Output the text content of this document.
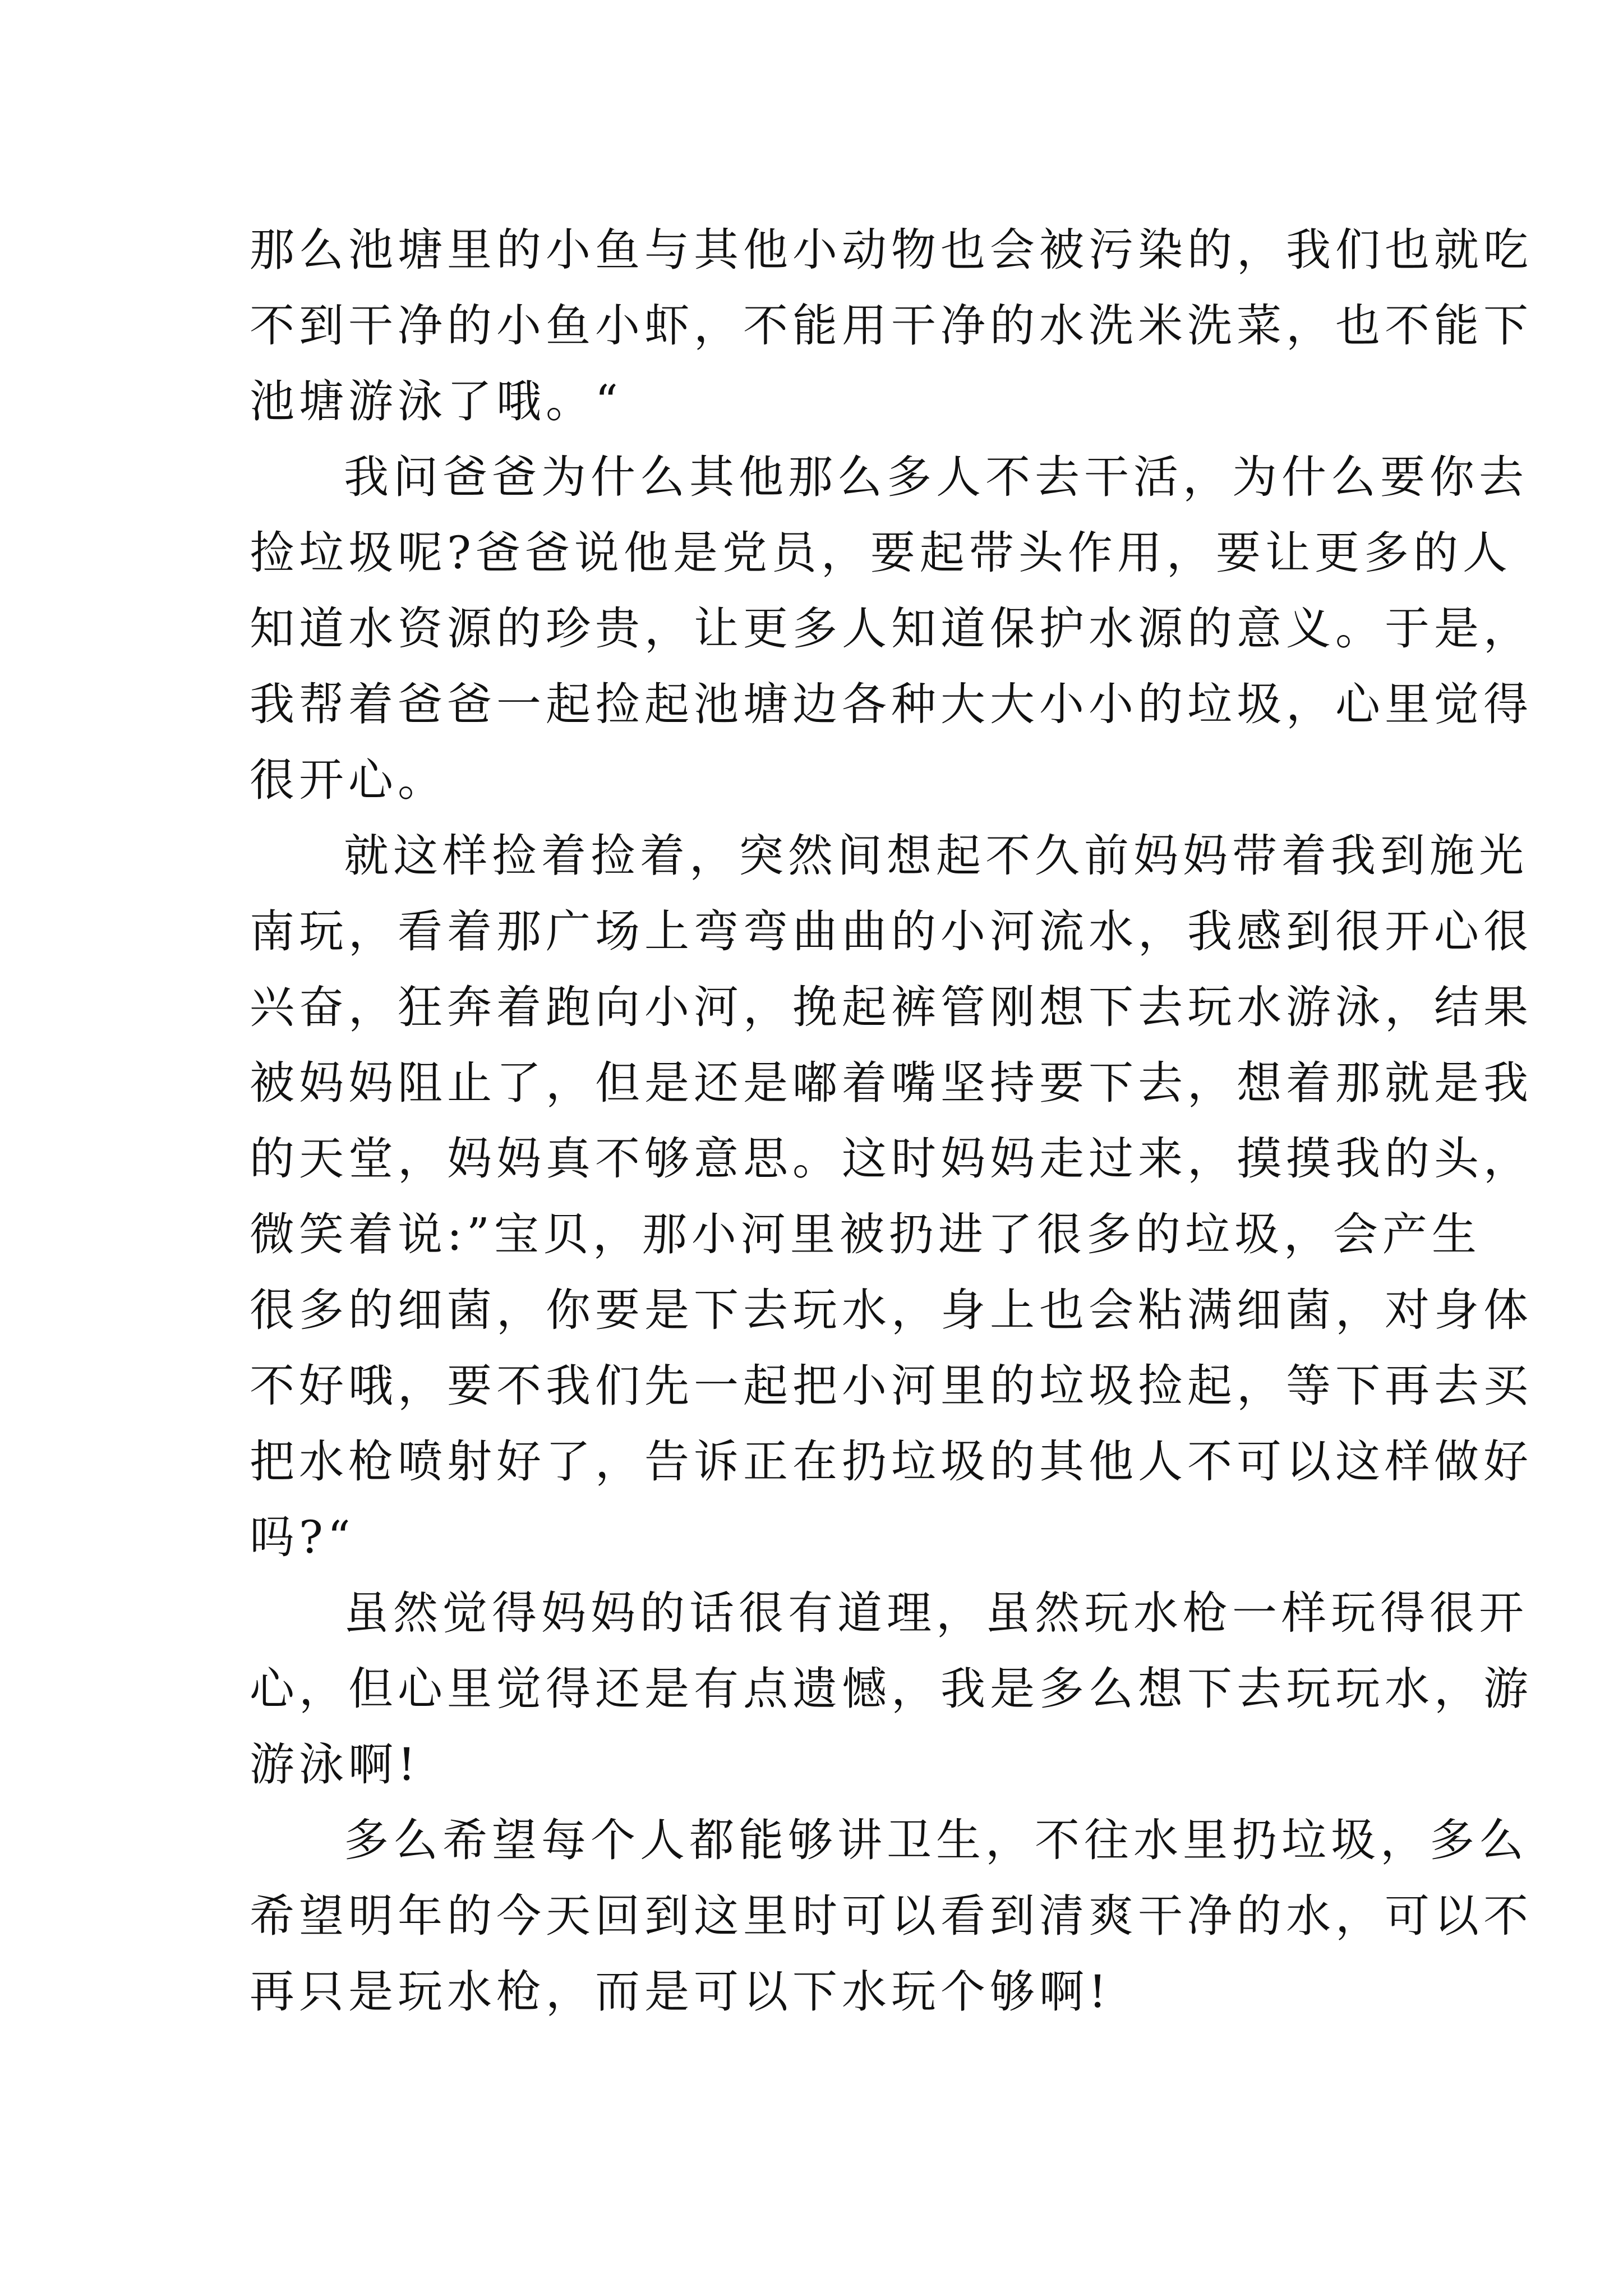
那么池塘里的小鱼与其他小动物也会被污染的，我们也就吃
不到干净的小鱼小虾，不能用干净的水洗米洗菜，也不能下
池塘游泳了哦。“
我问爸爸为什么其他那么多人不去干活，为什么要你去
捡垃圾呢?爸爸说他是党员，要起带头作用，要让更多的人
知道水资源的珍贵，让更多人知道保护水源的意义。于是，
我帮着爸爸一起捡起池塘边各种大大小小的垃圾，心里觉得
很开心。
就这样捡着捡着，突然间想起不久前妈妈带着我到施光
南玩，看着那广场上弯弯曲曲的小河流水，我感到很开心很
兴奋，狂奔着跑向小河，挽起裤管刚想下去玩水游泳，结果
被妈妈阻止了，但是还是嘟着嘴坚持要下去，想着那就是我
的天堂，妈妈真不够意思。这时妈妈走过来，摸摸我的头，
微笑着说:”宝贝，那小河里被扔进了很多的垃圾，会产生
很多的细菌，你要是下去玩水，身上也会粘满细菌，对身体
不好哦，要不我们先一起把小河里的垃圾捡起，等下再去买
把水枪喷射好了，告诉正在扔垃圾的其他人不可以这样做好
吗?“
虽然觉得妈妈的话很有道理，虽然玩水枪一样玩得很开
心，但心里觉得还是有点遗憾，我是多么想下去玩玩水，游
游泳啊!
多么希望每个人都能够讲卫生，不往水里扔垃圾，多么
希望明年的今天回到这里时可以看到清爽干净的水，可以不
再只是玩水枪，而是可以下水玩个够啊!
